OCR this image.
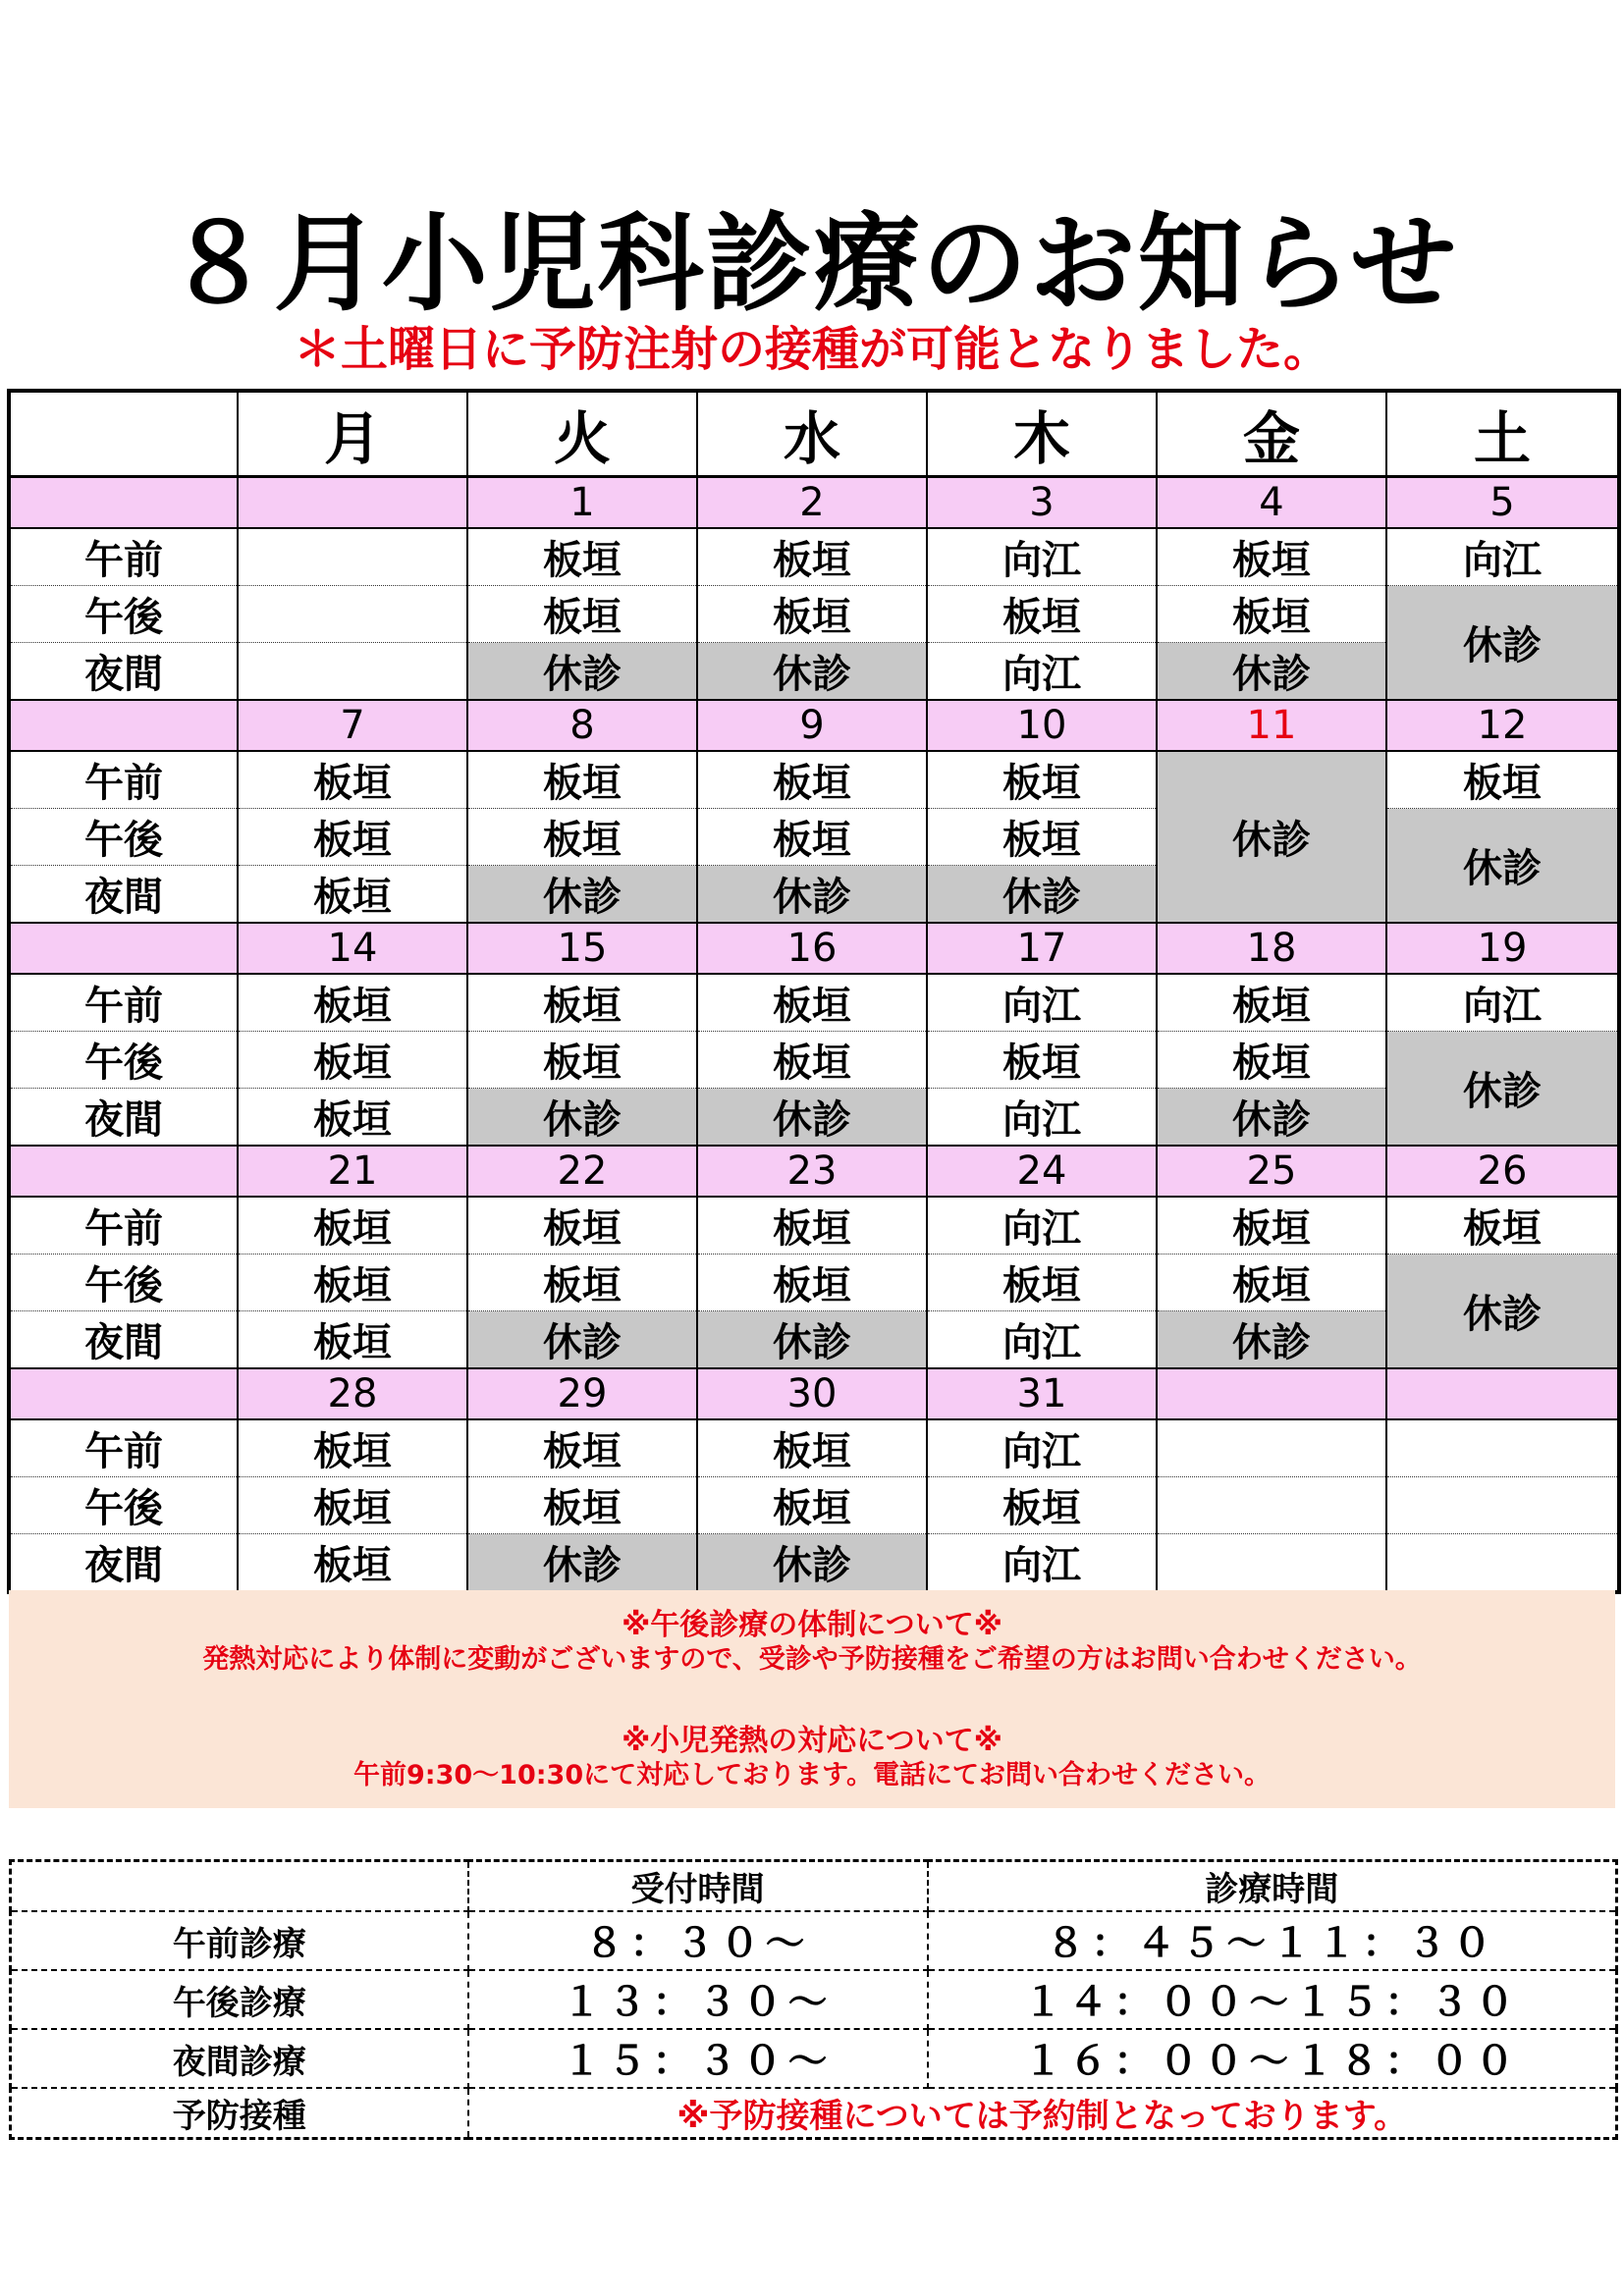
８月小児科診療のお知らせ
＊土曜日に予防注射の接種が可能となりました。
	月	火	水	木	金	土
		1	2	3	4	5
午前		板垣	板垣	向江	板垣	向江
午後		板垣	板垣	板垣	板垣	休診
夜間		休診	休診	向江	休診	
	7	8	9	10	11	12
午前	板垣	板垣	板垣	板垣	休診	板垣
午後	板垣	板垣	板垣	板垣		休診
夜間	板垣	休診	休診	休診		
	14	15	16	17	18	19
午前	板垣	板垣	板垣	向江	板垣	向江
午後	板垣	板垣	板垣	板垣	板垣	休診
夜間	板垣	休診	休診	向江	休診	
	21	22	23	24	25	26
午前	板垣	板垣	板垣	向江	板垣	板垣
午後	板垣	板垣	板垣	板垣	板垣	休診
夜間	板垣	休診	休診	向江	休診	
	28	29	30	31		
午前	板垣	板垣	板垣	向江		
午後	板垣	板垣	板垣	板垣		
夜間	板垣	休診	休診	向江		
※午後診療の体制について※
発熱対応により体制に変動がございますので、受診や予防接種をご希望の方はお問い合わせください。
※小児発熱の対応について※
午前9:30～10:30にて対応しております。電話にてお問い合わせください。
	受付時間	診療時間
午前診療	８：３０～	８：４５～１１：３０
午後診療	１３：３０～	１４：００～１５：３０
夜間診療	１５：３０～	１６：００～１８：００
予防接種	※予防接種については予約制となっております。	
